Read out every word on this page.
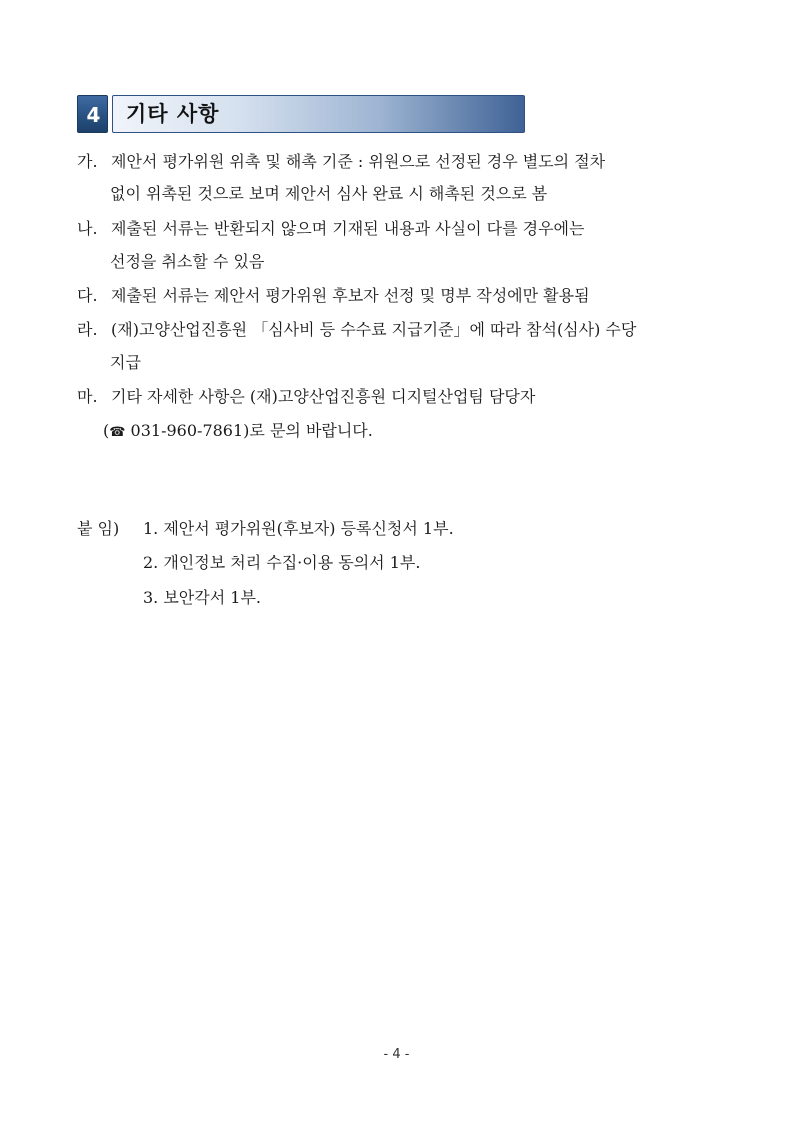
4	기타 사항
가. 제안서 평가위원 위촉 및 해촉 기준 : 위원으로 선정된 경우 별도의 절차
없이 위촉된 것으로 보며 제안서 심사 완료 시 해촉된 것으로 봄
나. 제출된 서류는 반환되지 않으며 기재된 내용과 사실이 다를 경우에는
선정을 취소할 수 있음
다. 제출된 서류는 제안서 평가위원 후보자 선정 및 명부 작성에만 활용됨
라. (재)고양산업진흥원 「심사비 등 수수료 지급기준」에 따라 참석(심사) 수당
지급
마. 기타 자세한 사항은 (재)고양산업진흥원 디지털산업팀 담당자
(☎ 031-960-7861)로 문의 바랍니다.
붙 임) 1. 제안서 평가위원(후보자) 등록신청서 1부.
2. 개인정보 처리 수집·이용 동의서 1부.
3. 보안각서 1부.
- 4 -
